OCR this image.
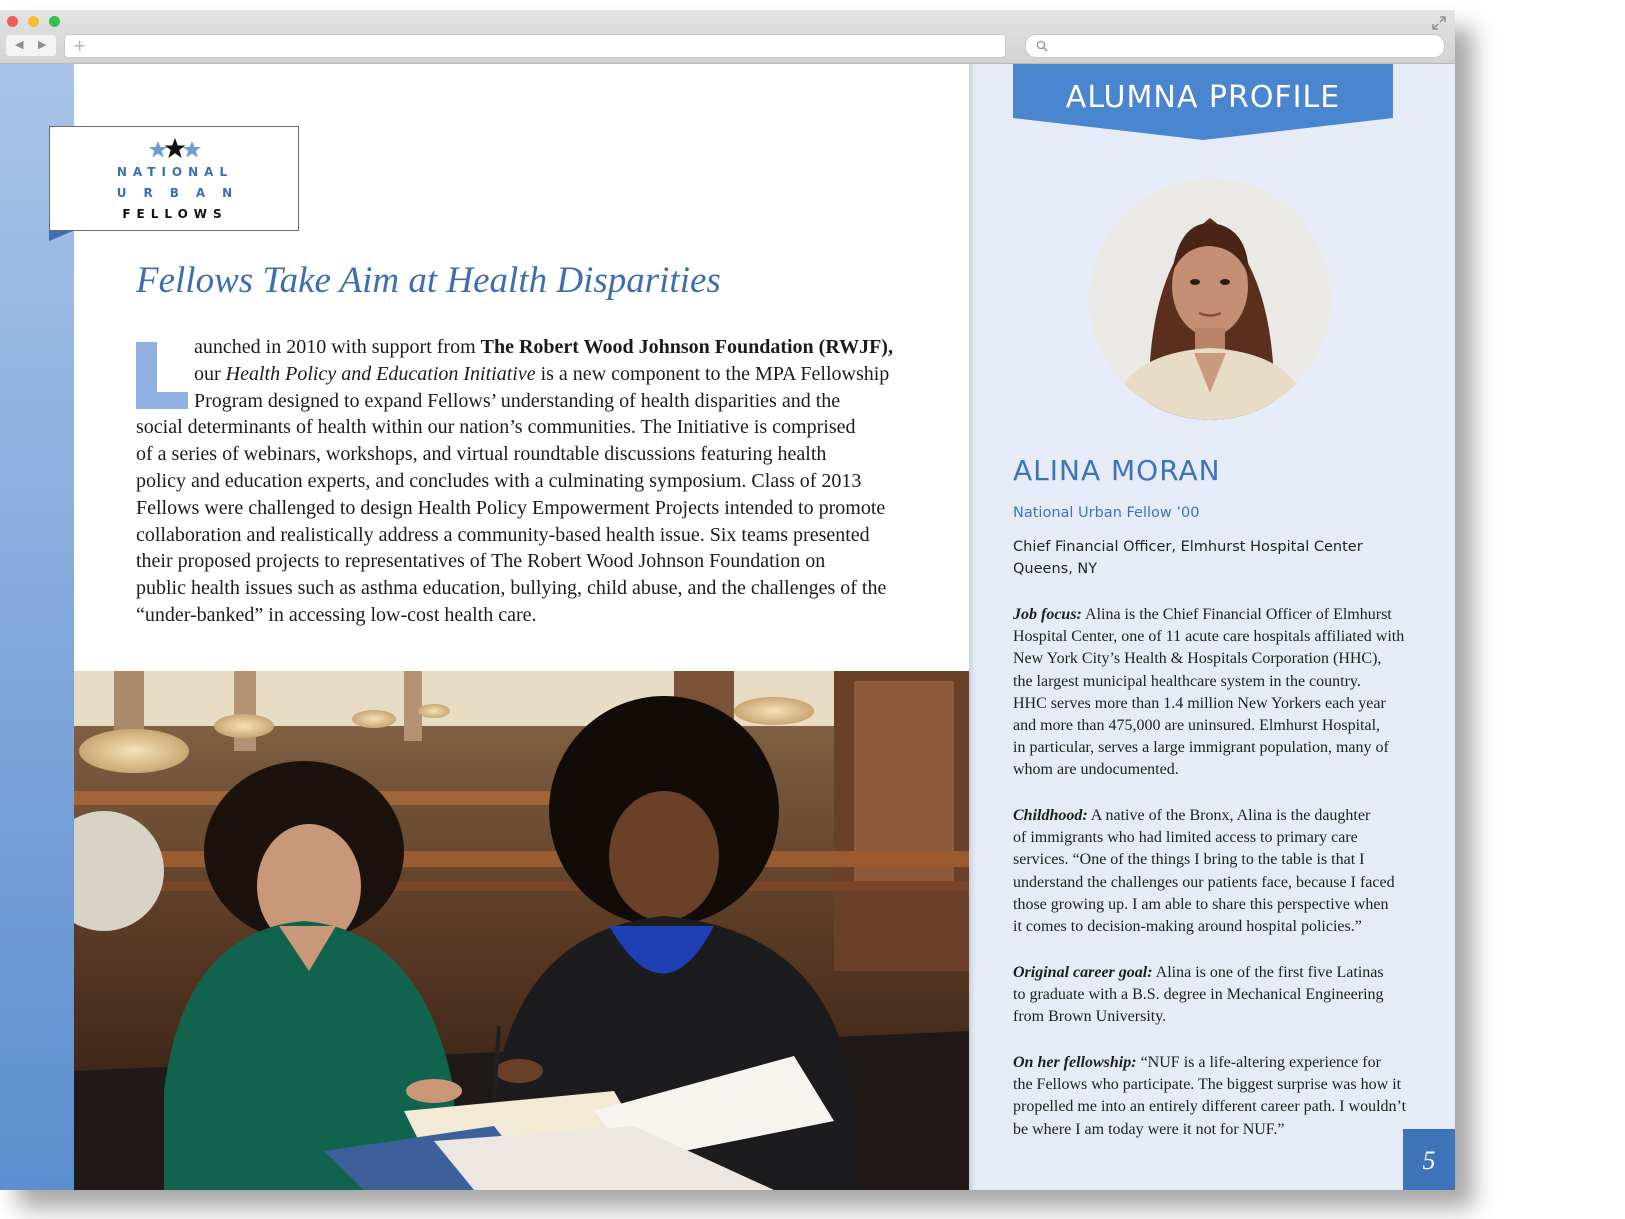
◀ ▶ +
NATIONAL
URBAN
FELLOWS
Fellows Take Aim at Health Disparities
aunched in 2010 with support from The Robert Wood Johnson Foundation (RWJF),
our Health Policy and Education Initiative is a new component to the MPA Fellowship
Program designed to expand Fellows’ understanding of health disparities and the
social determinants of health within our nation’s communities. The Initiative is comprised
of a series of webinars, workshops, and virtual roundtable discussions featuring health
policy and education experts, and concludes with a culminating symposium. Class of 2013
Fellows were challenged to design Health Policy Empowerment Projects intended to promote
collaboration and realistically address a community-based health issue. Six teams presented
their proposed projects to representatives of The Robert Wood Johnson Foundation on
public health issues such as asthma education, bullying, child abuse, and the challenges of the
“under-banked” in accessing low-cost health care.
ALUMNA PROFILE
ALINA MORAN
National Urban Fellow ’00
Chief Financial Officer, Elmhurst Hospital Center
Queens, NY
Job focus: Alina is the Chief Financial Officer of Elmhurst
Hospital Center, one of 11 acute care hospitals affiliated with
New York City’s Health & Hospitals Corporation (HHC),
the largest municipal healthcare system in the country.
HHC serves more than 1.4 million New Yorkers each year
and more than 475,000 are uninsured. Elmhurst Hospital,
in particular, serves a large immigrant population, many of
whom are undocumented.
Childhood: A native of the Bronx, Alina is the daughter
of immigrants who had limited access to primary care
services. “One of the things I bring to the table is that I
understand the challenges our patients face, because I faced
those growing up. I am able to share this perspective when
it comes to decision-making around hospital policies.”
Original career goal: Alina is one of the first five Latinas
to graduate with a B.S. degree in Mechanical Engineering
from Brown University.
On her fellowship: “NUF is a life-altering experience for
the Fellows who participate. The biggest surprise was how it
propelled me into an entirely different career path. I wouldn’t
be where I am today were it not for NUF.”
5
